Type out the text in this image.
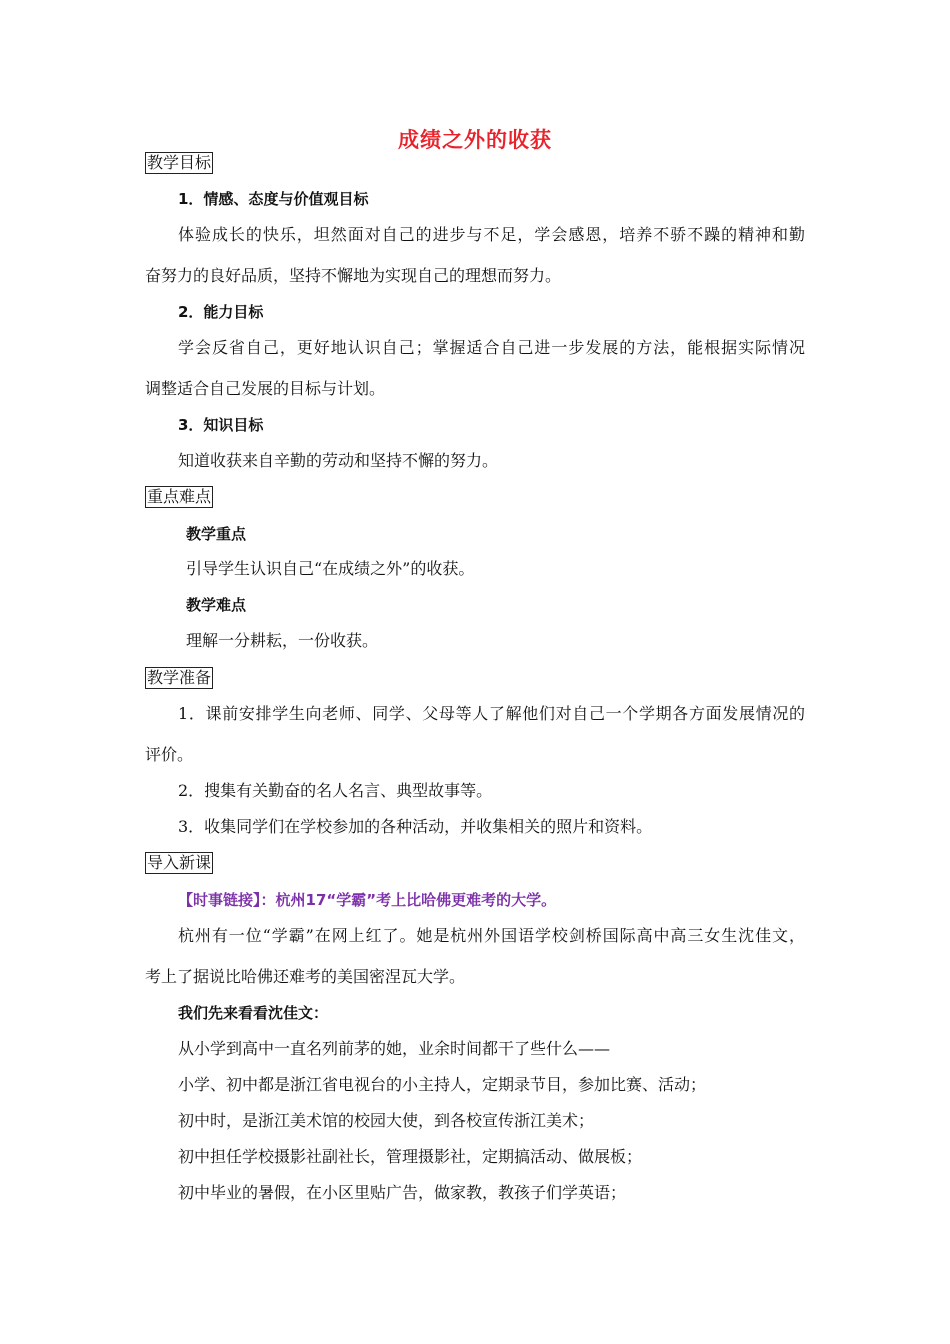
成绩之外的收获
教学目标
1．情感、态度与价值观目标
体验成长的快乐，坦然面对自己的进步与不足，学会感恩，培养不骄不躁的精神和勤
奋努力的良好品质，坚持不懈地为实现自己的理想而努力。
2．能力目标
学会反省自己，更好地认识自己；掌握适合自己进一步发展的方法，能根据实际情况
调整适合自己发展的目标与计划。
3．知识目标
知道收获来自辛勤的劳动和坚持不懈的努力。
重点难点
教学重点
引导学生认识自己“在成绩之外”的收获。
教学难点
理解一分耕耘，一份收获。
教学准备
1．课前安排学生向老师、同学、父母等人了解他们对自己一个学期各方面发展情况的
评价。
2．搜集有关勤奋的名人名言、典型故事等。
3．收集同学们在学校参加的各种活动，并收集相关的照片和资料。
导入新课
【时事链接】：杭州17“学霸”考上比哈佛更难考的大学。
杭州有一位“学霸”在网上红了。她是杭州外国语学校剑桥国际高中高三女生沈佳文，
考上了据说比哈佛还难考的美国密涅瓦大学。
我们先来看看沈佳文：
从小学到高中一直名列前茅的她，业余时间都干了些什么——
小学、初中都是浙江省电视台的小主持人，定期录节目，参加比赛、活动；
初中时，是浙江美术馆的校园大使，到各校宣传浙江美术；
初中担任学校摄影社副社长，管理摄影社，定期搞活动、做展板；
初中毕业的暑假，在小区里贴广告，做家教，教孩子们学英语；
